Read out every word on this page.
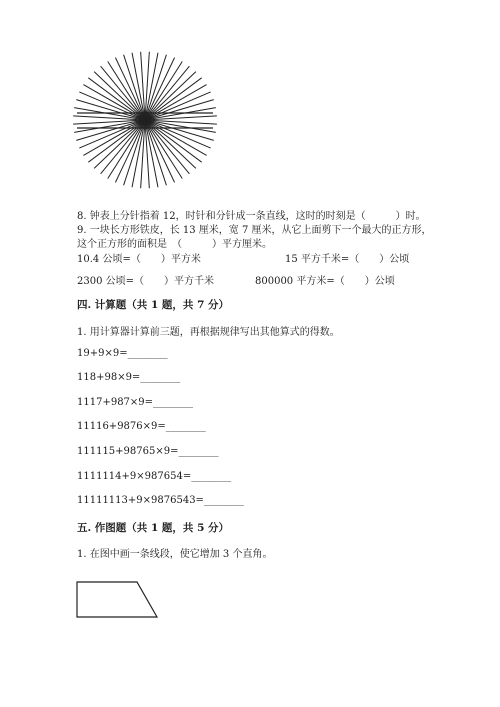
8. 钟表上分针指着 12，时针和分针成一条直线，这时的时刻是（　　　）时。
9. 一块长方形铁皮，长 13 厘米，宽 7 厘米，从它上面剪下一个最大的正方形，
这个正方形的面积是　（　　　）平方厘米。
10.4 公顷=（　　）平方米	15 平方千米=（　　）公顷
2300 公顷=（　　）平方千米	800000 平方米=（　　）公顷
四. 计算题（共 1 题，共 7 分）
1. 用计算器计算前三题，再根据规律写出其他算式的得数。
19+9×9=________
118+98×9=________
1117+987×9=________
11116+9876×9=________
111115+98765×9=________
1111114+9×987654=________
11111113+9×9876543=________
五. 作图题（共 1 题，共 5 分）
1. 在图中画一条线段，使它增加 3 个直角。
